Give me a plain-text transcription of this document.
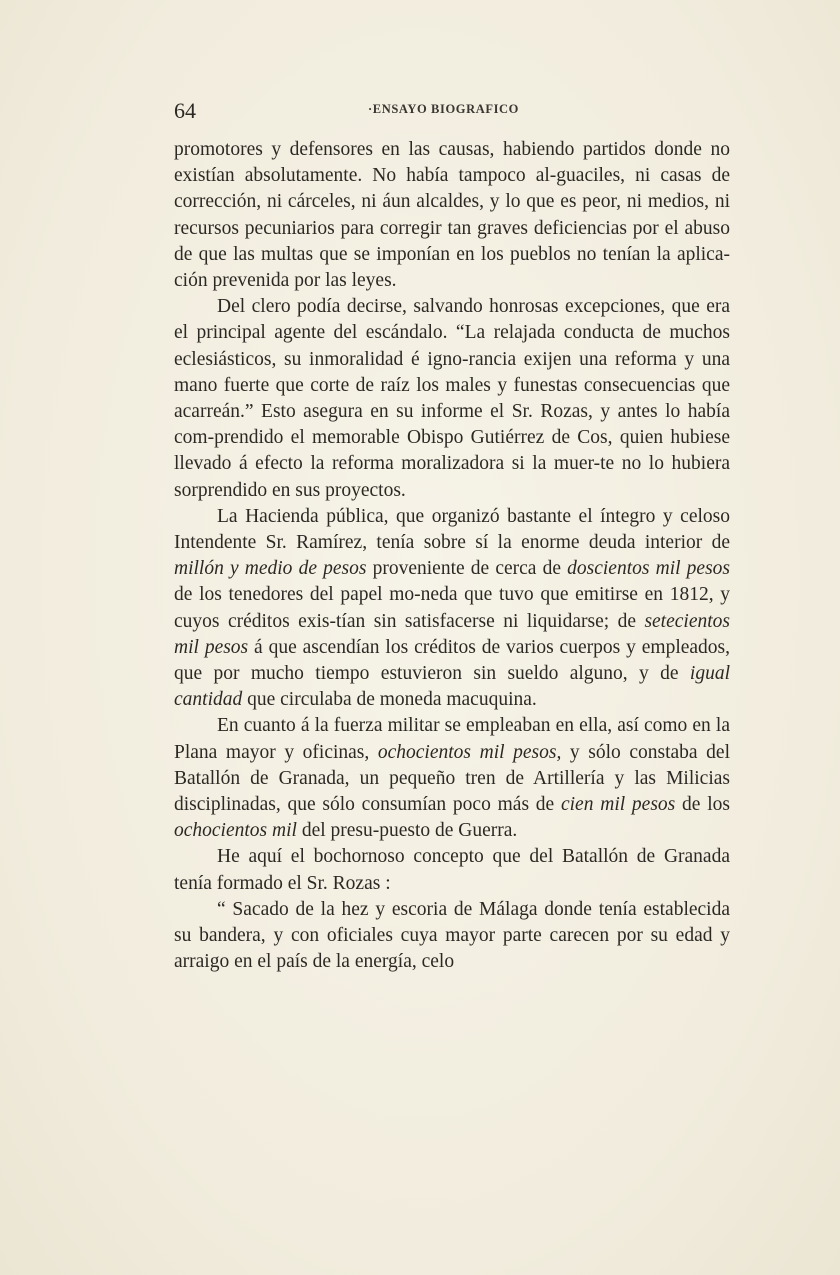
64	·ENSAYO BIOGRAFICO

promotores y defensores en las causas, habiendo partidos donde no existían absolutamente. No había tampoco al-guaciles, ni casas de corrección, ni cárceles, ni áun alcaldes, y lo que es peor, ni medios, ni recursos pecuniarios para corregir tan graves deficiencias por el abuso de que las multas que se imponían en los pueblos no tenían la aplica-ción prevenida por las leyes.

Del clero podía decirse, salvando honrosas excepciones, que era el principal agente del escándalo. “La relajada conducta de muchos eclesiásticos, su inmoralidad é igno-rancia exijen una reforma y una mano fuerte que corte de raíz los males y funestas consecuencias que acarreán.” Esto asegura en su informe el Sr. Rozas, y antes lo había com-prendido el memorable Obispo Gutiérrez de Cos, quien hubiese llevado á efecto la reforma moralizadora si la muer-te no lo hubiera sorprendido en sus proyectos.

La Hacienda pública, que organizó bastante el íntegro y celoso Intendente Sr. Ramírez, tenía sobre sí la enorme deuda interior de millón y medio de pesos proveniente de cerca de doscientos mil pesos de los tenedores del papel mo-neda que tuvo que emitirse en 1812, y cuyos créditos exis-tían sin satisfacerse ni liquidarse; de setecientos mil pesos á que ascendían los créditos de varios cuerpos y empleados, que por mucho tiempo estuvieron sin sueldo alguno, y de igual cantidad que circulaba de moneda macuquina.

En cuanto á la fuerza militar se empleaban en ella, así como en la Plana mayor y oficinas, ochocientos mil pesos, y sólo constaba del Batallón de Granada, un pequeño tren de Artillería y las Milicias disciplinadas, que sólo consumían poco más de cien mil pesos de los ochocientos mil del presu-puesto de Guerra.

He aquí el bochornoso concepto que del Batallón de Granada tenía formado el Sr. Rozas :

“ Sacado de la hez y escoria de Málaga donde tenía establecida su bandera, y con oficiales cuya mayor parte carecen por su edad y arraigo en el país de la energía, celo
